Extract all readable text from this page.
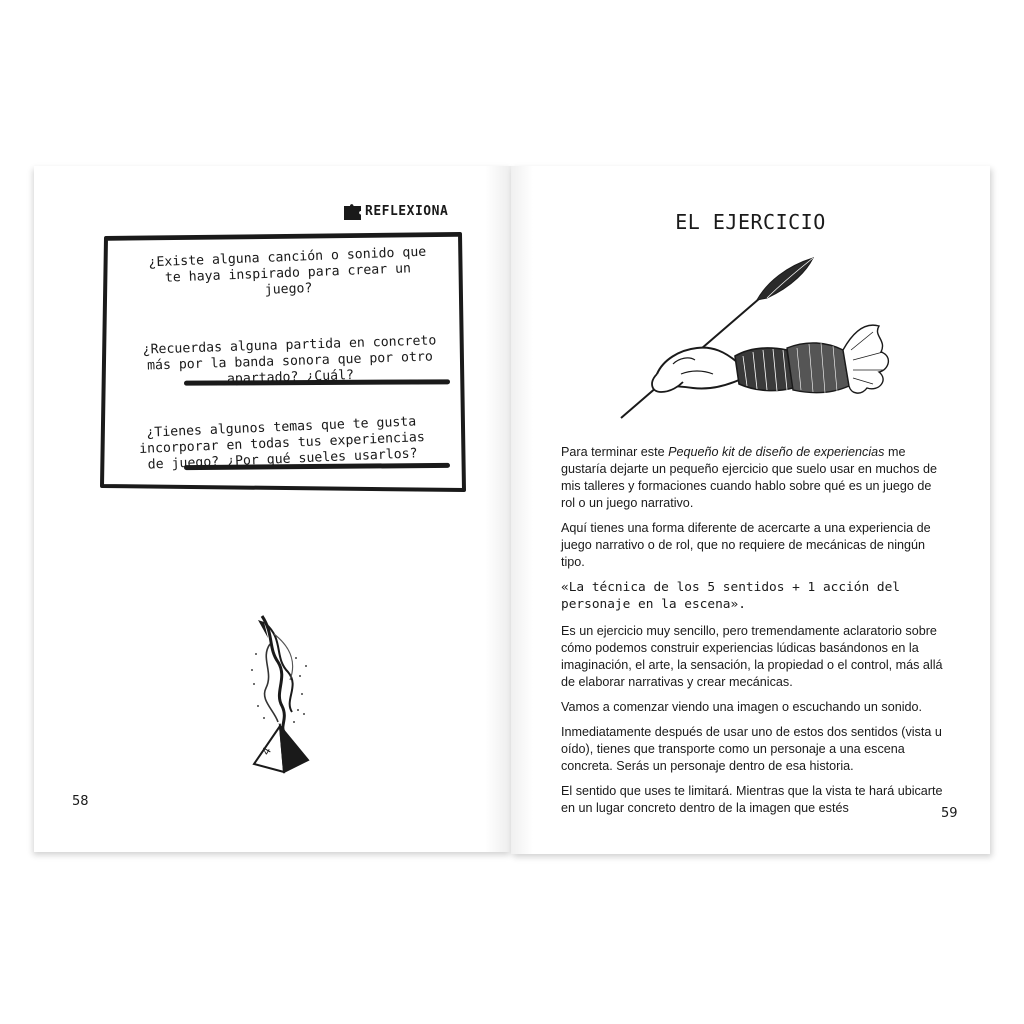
REFLEXIONA
¿Existe alguna canción o sonido que te haya inspirado para crear un juego?
¿Recuerdas alguna partida en concreto más por la banda sonora que por otro apartado? ¿Cuál?
¿Tienes algunos temas que te gusta incorporar en todas tus experiencias de juego? ¿Por qué sueles usarlos?
4
58
EL EJERCICIO

Para terminar este Pequeño kit de diseño de experiencias me gustaría dejarte un pequeño ejercicio que suelo usar en muchos de mis talleres y formaciones cuando hablo sobre qué es un juego de rol o un juego narrativo.

Aquí tienes una forma diferente de acercarte a una experiencia de juego narrativo o de rol, que no requiere de mecánicas de ningún tipo.

«La técnica de los 5 sentidos + 1 acción del personaje en la escena».

Es un ejercicio muy sencillo, pero tremendamente aclaratorio sobre cómo podemos construir experiencias lúdicas basándonos en la imaginación, el arte, la sensación, la propiedad o el control, más allá de elaborar narrativas y crear mecánicas.

Vamos a comenzar viendo una imagen o escuchando un sonido.

Inmediatamente después de usar uno de estos dos sentidos (vista u oído), tienes que transporte como un personaje a una escena concreta. Serás un personaje dentro de esa historia.

El sentido que uses te limitará. Mientras que la vista te hará ubicarte en un lugar concreto dentro de la imagen que estés	59
